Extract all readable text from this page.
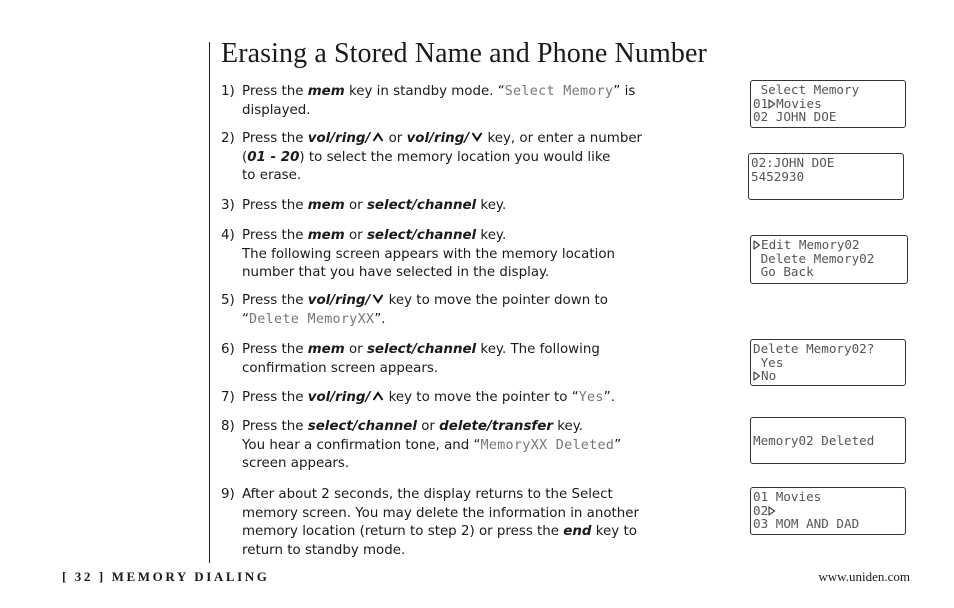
Erasing a Stored Name and Phone Number
1) Press the mem key in standby mode. “Select Memory” is
displayed.
2) Press the vol/ring/ or vol/ring/ key, or enter a number
(01 - 20) to select the memory location you would like
to erase.
3) Press the mem or select/channel key.
4) Press the mem or select/channel key.
The following screen appears with the memory location
number that you have selected in the display.
5) Press the vol/ring/ key to move the pointer down to
“Delete MemoryXX”.
6) Press the mem or select/channel key. The following
confirmation screen appears.
7) Press the vol/ring/ key to move the pointer to “Yes”.
8) Press the select/channel or delete/transfer key.
You hear a confirmation tone, and “MemoryXX Deleted”
screen appears.
9) After about 2 seconds, the display returns to the Select
memory screen. You may delete the information in another
memory location (return to step 2) or press the end key to
return to standby mode.
Select Memory
01 Movies
02 JOHN DOE
02:JOHN DOE
5452930
Edit Memory02
Delete Memory02
Go Back
Delete Memory02?
Yes
No
Memory02 Deleted
01 Movies
02
03 MOM AND DAD
[ 32 ] MEMORY DIALING	www.uniden.com
